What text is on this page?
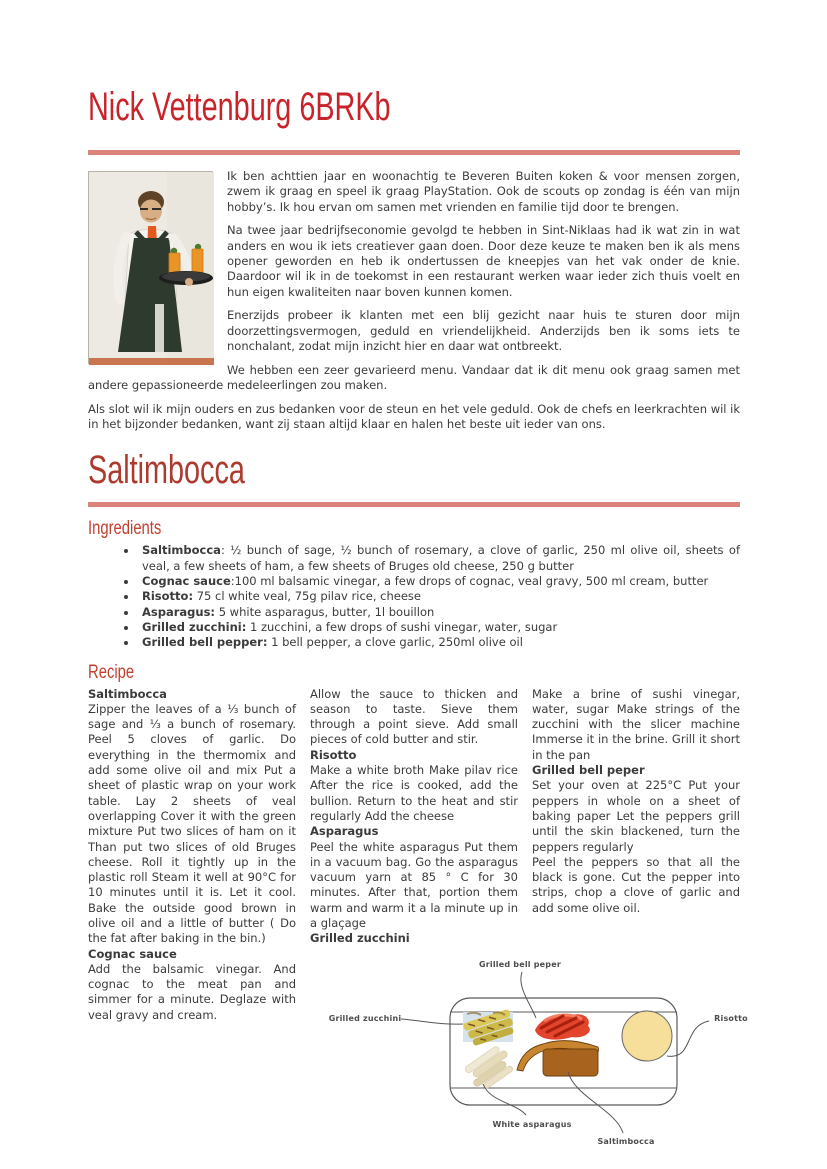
Nick Vettenburg 6BRKb

Ik ben achttien jaar en woonachtig te Beveren Buiten koken & voor mensen zorgen, zwem ik graag en speel ik graag PlayStation. Ook de scouts op zondag is één van mijn hobby’s. Ik hou ervan om samen met vrienden en familie tijd door te brengen.

Na twee jaar bedrijfseconomie gevolgd te hebben in Sint-Niklaas had ik wat zin in wat anders en wou ik iets creatiever gaan doen. Door deze keuze te maken ben ik als mens opener geworden en heb ik ondertussen de kneepjes van het vak onder de knie. Daardoor wil ik in de toekomst in een restaurant werken waar ieder zich thuis voelt en hun eigen kwaliteiten naar boven kunnen komen.

Enerzijds probeer ik klanten met een blij gezicht naar huis te sturen door mijn doorzettingsvermogen, geduld en vriendelijkheid. Anderzijds ben ik soms iets te nonchalant, zodat mijn inzicht hier en daar wat ontbreekt.

We hebben een zeer gevarieerd menu. Vandaar dat ik dit menu ook graag samen met andere gepassioneerde medeleerlingen zou maken.

Als slot wil ik mijn ouders en zus bedanken voor de steun en het vele geduld. Ook de chefs en leerkrachten wil ik in het bijzonder bedanken, want zij staan altijd klaar en halen het beste uit ieder van ons.

Saltimbocca
Ingredients
• Saltimbocca: ½ bunch of sage, ½ bunch of rosemary, a clove of garlic, 250 ml olive oil, sheets of veal, a few sheets of ham, a few sheets of Bruges old cheese, 250 g butter
• Cognac sauce:100 ml balsamic vinegar, a few drops of cognac, veal gravy, 500 ml cream, butter
• Risotto: 75 cl white veal, 75g pilav rice, cheese
• Asparagus: 5 white asparagus, butter, 1l bouillon
• Grilled zucchini: 1 zucchini, a few drops of sushi vinegar, water, sugar
• Grilled bell pepper: 1 bell pepper, a clove garlic, 250ml olive oil
Recipe
Saltimbocca

Zipper the leaves of a ⅓ bunch of sage and ⅓ a bunch of rosemary. Peel 5 cloves of garlic. Do everything in the thermomix and add some olive oil and mix Put a sheet of plastic wrap on your work table. Lay 2 sheets of veal overlapping Cover it with the green mixture Put two slices of ham on it Than put two slices of old Bruges cheese. Roll it tightly up in the plastic roll Steam it well at 90°C for 10 minutes until it is. Let it cool. Bake the outside good brown in olive oil and a little of butter ( Do the fat after baking in the bin.)

Cognac sauce

Add the balsamic vinegar. And cognac to the meat pan and simmer for a minute. Deglaze with veal gravy and cream.

Allow the sauce to thicken and season to taste. Sieve them through a point sieve. Add small pieces of cold butter and stir.

Risotto

Make a white broth Make pilav rice After the rice is cooked, add the bullion. Return to the heat and stir regularly Add the cheese

Asparagus

Peel the white asparagus Put them in a vacuum bag. Go the asparagus vacuum yarn at 85 ° C for 30 minutes. After that, portion them warm and warm it a la minute up in a glaçage

Grilled zucchini

Make a brine of sushi vinegar, water, sugar Make strings of the zucchini with the slicer machine Immerse it in the brine. Grill it short in the pan

Grilled bell peper

Set your oven at 225°C Put your peppers in whole on a sheet of baking paper Let the peppers grill until the skin blackened, turn the peppers regularly

Peel the peppers so that all the black is gone. Cut the pepper into strips, chop a clove of garlic and add some olive oil.

Grilled bell peper
Grilled zucchini	Risotto
White asparagus
Saltimbocca
